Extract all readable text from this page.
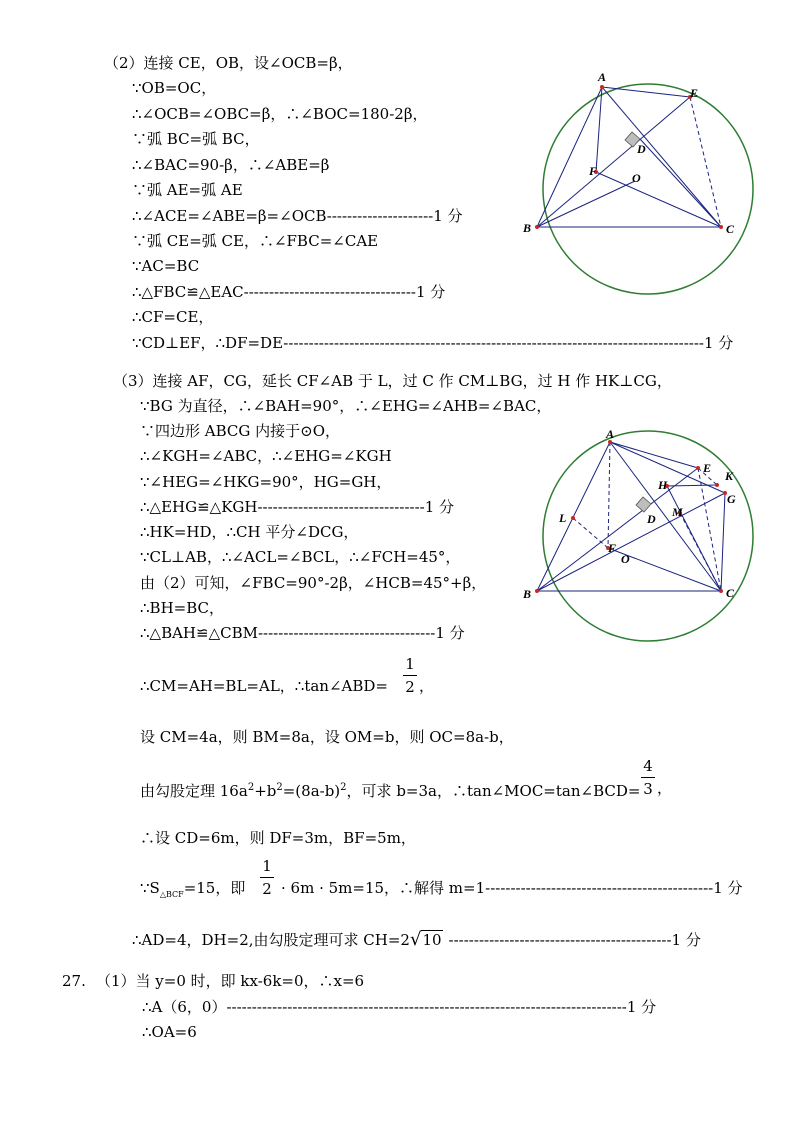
（2）连接 CE，OB，设∠OCB=β，
∵OB=OC，
∴∠OCB=∠OBC=β，∴∠BOC=180-2β，
∵弧 BC=弧 BC，
∴∠BAC=90-β，∴∠ABE=β
∵弧 AE=弧 AE
∴∠ACE=∠ABE=β=∠OCB---------------------1 分
∵弧 CE=弧 CE，∴∠FBC=∠CAE
∵AC=BC
∴△FBC≌△EAC----------------------------------1 分
∴CF=CE，
∵CD⊥EF，∴DF=DE-----------------------------------------------------------------------------------1 分
A
E
D
F	O
B	C
（3）连接 AF，CG，延长 CF∠AB 于 L，过 C 作 CM⊥BG，过 H 作 HK⊥CG，
∵BG 为直径，∴∠BAH=90°，∴∠EHG=∠AHB=∠BAC，
∵四边形 ABCG 内接于⊙O，
∴∠KGH=∠ABC，∴∠EHG=∠KGH
∵∠HEG=∠HKG=90°，HG=GH，
∴△EHG≌△KGH---------------------------------1 分
∴HK=HD，∴CH 平分∠DCG，
∵CL⊥AB，∴∠ACL=∠BCL，∴∠FCH=45°，
由（2）可知，∠FBC=90°-2β，∠HCB=45°+β，
∴BH=BC，
∴△BAH≌△CBM-----------------------------------1 分
∴CM=AH=BL=AL，∴tan∠ABD=
1
2 ，
设 CM=4a，则 BM=8a，设 OM=b，则 OC=8a-b，
由勾股定理 $16a^2+b^2=(8a-b)^2$，可求 b=3a，∴tan∠MOC=tan∠BCD=
4
3 ，
∴设 CD=6m，则 DF=3m，BF=5m，
$\because S_{\triangle BCF}=15$，即
1
2 · 6m · 5m=15，∴解得 m=1---------------------------------------------1 分
∴AD=4，DH=2,由勾股定理可求 CH=2√10 --------------------------------------------1 分
A
E
K
H
G
L	D M
F
O
B	C
27. （1）当 y=0 时，即 kx-6k=0，∴x=6
∴A（6，0）-------------------------------------------------------------------------------1 分
∴OA=6
